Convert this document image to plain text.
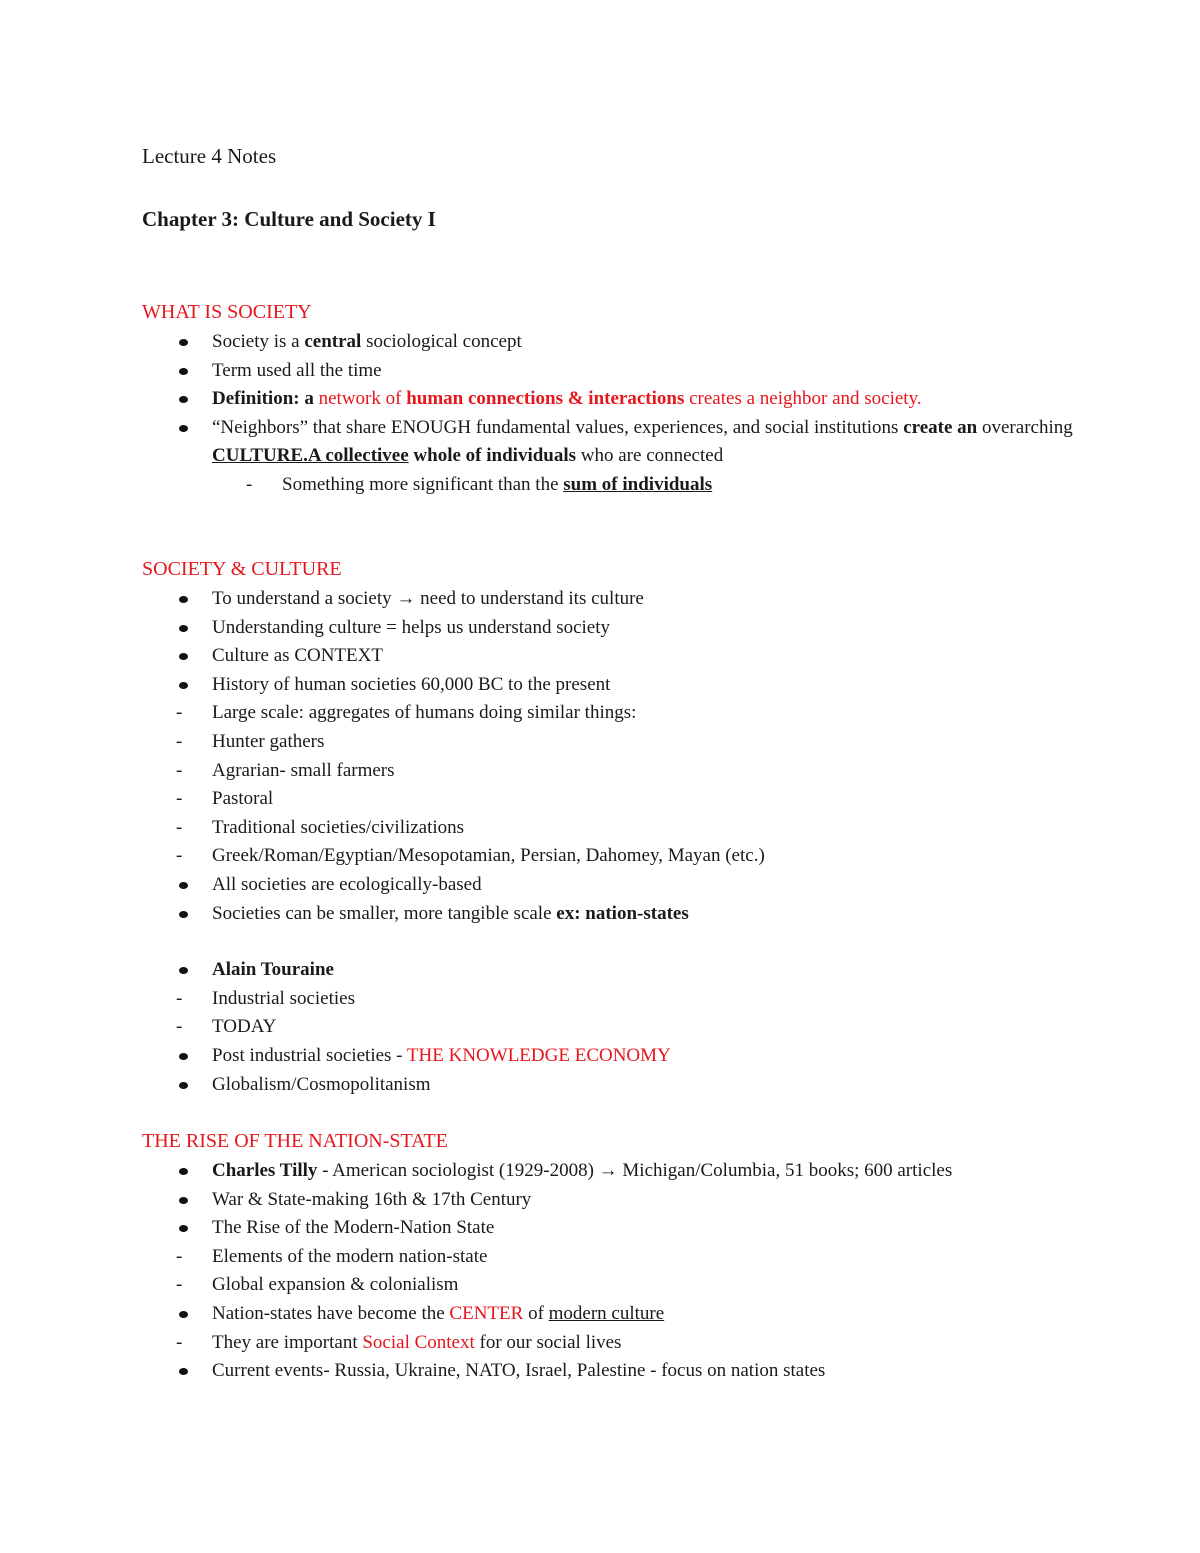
Lecture 4 Notes
Chapter 3: Culture and Society I
WHAT IS SOCIETY
Society is a central sociological concept
Term used all the time
Definition: a network of human connections & interactions creates a neighbor and society.
“Neighbors” that share ENOUGH fundamental values, experiences, and social institutions create an overarching CULTURE.A collectivee whole of individuals who are connected
- Something more significant than the sum of individuals
SOCIETY & CULTURE
To understand a society → need to understand its culture
Understanding culture = helps us understand society
Culture as CONTEXT
History of human societies 60,000 BC to the present
- Large scale: aggregates of humans doing similar things:
- Hunter gathers
- Agrarian- small farmers
- Pastoral
- Traditional societies/civilizations
- Greek/Roman/Egyptian/Mesopotamian, Persian, Dahomey, Mayan (etc.)
All societies are ecologically-based
Societies can be smaller, more tangible scale ex: nation-states
Alain Touraine
- Industrial societies
- TODAY
Post industrial societies - THE KNOWLEDGE ECONOMY
Globalism/Cosmopolitanism
THE RISE OF THE NATION-STATE
Charles Tilly - American sociologist (1929-2008) → Michigan/Columbia, 51 books; 600 articles
War & State-making 16th & 17th Century
The Rise of the Modern-Nation State
- Elements of the modern nation-state
- Global expansion & colonialism
Nation-states have become the CENTER of modern culture
- They are important Social Context for our social lives
Current events- Russia, Ukraine, NATO, Israel, Palestine - focus on nation states
